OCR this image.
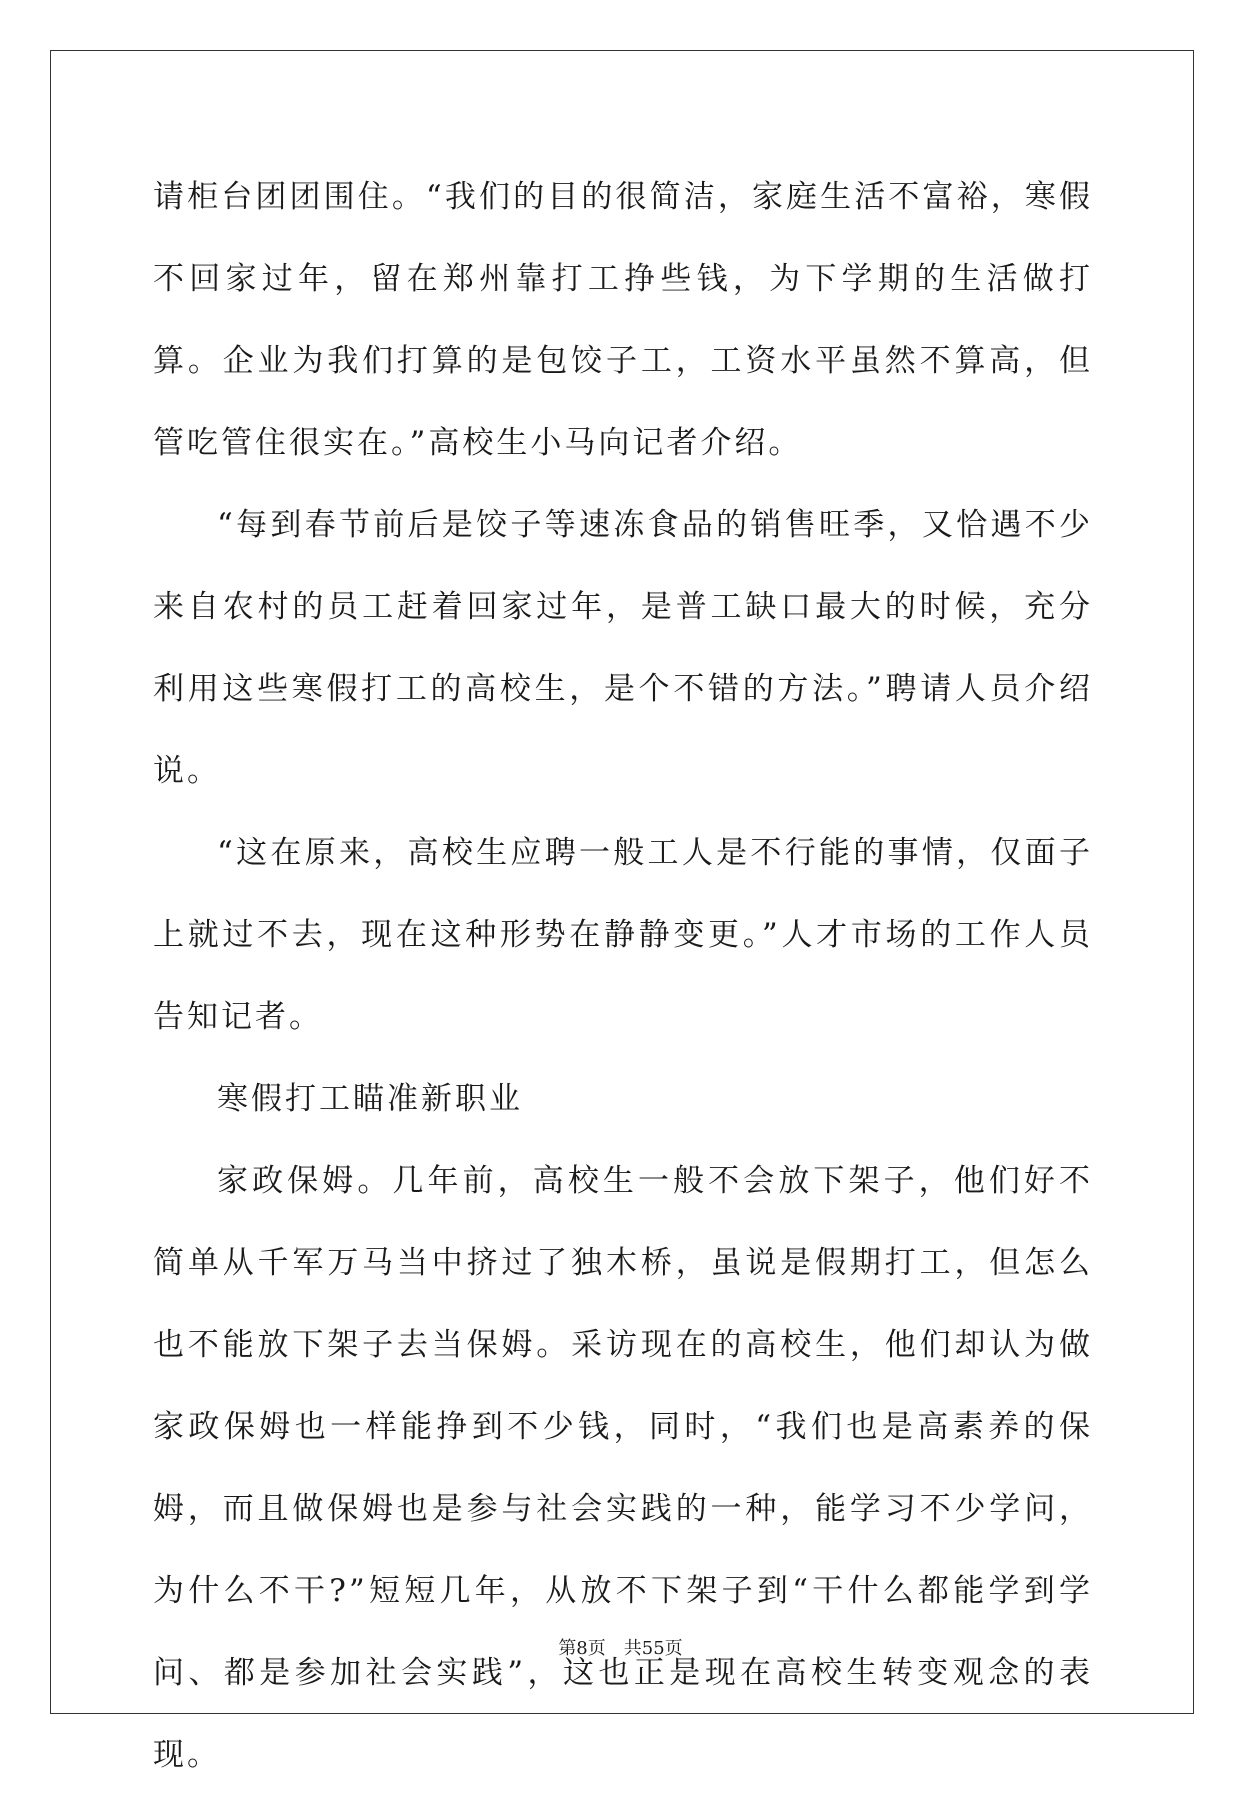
请柜台团团围住。“我们的目的很简洁，家庭生活不富裕，寒假不回家过年，留在郑州靠打工挣些钱，为下学期的生活做打算。企业为我们打算的是包饺子工，工资水平虽然不算高，但管吃管住很实在。”高校生小马向记者介绍。

“每到春节前后是饺子等速冻食品的销售旺季，又恰遇不少来自农村的员工赶着回家过年，是普工缺口最大的时候，充分利用这些寒假打工的高校生，是个不错的方法。”聘请人员介绍说。

“这在原来，高校生应聘一般工人是不行能的事情，仅面子上就过不去，现在这种形势在静静变更。”人才市场的工作人员告知记者。

寒假打工瞄准新职业

家政保姆。几年前，高校生一般不会放下架子，他们好不简单从千军万马当中挤过了独木桥，虽说是假期打工，但怎么也不能放下架子去当保姆。采访现在的高校生，他们却认为做家政保姆也一样能挣到不少钱，同时，“我们也是高素养的保姆，而且做保姆也是参与社会实践的一种，能学习不少学问，为什么不干?”短短几年，从放不下架子到“干什么都能学到学问、都是参加社会实践”，这也正是现在高校生转变观念的表现。

第8页 共55页
